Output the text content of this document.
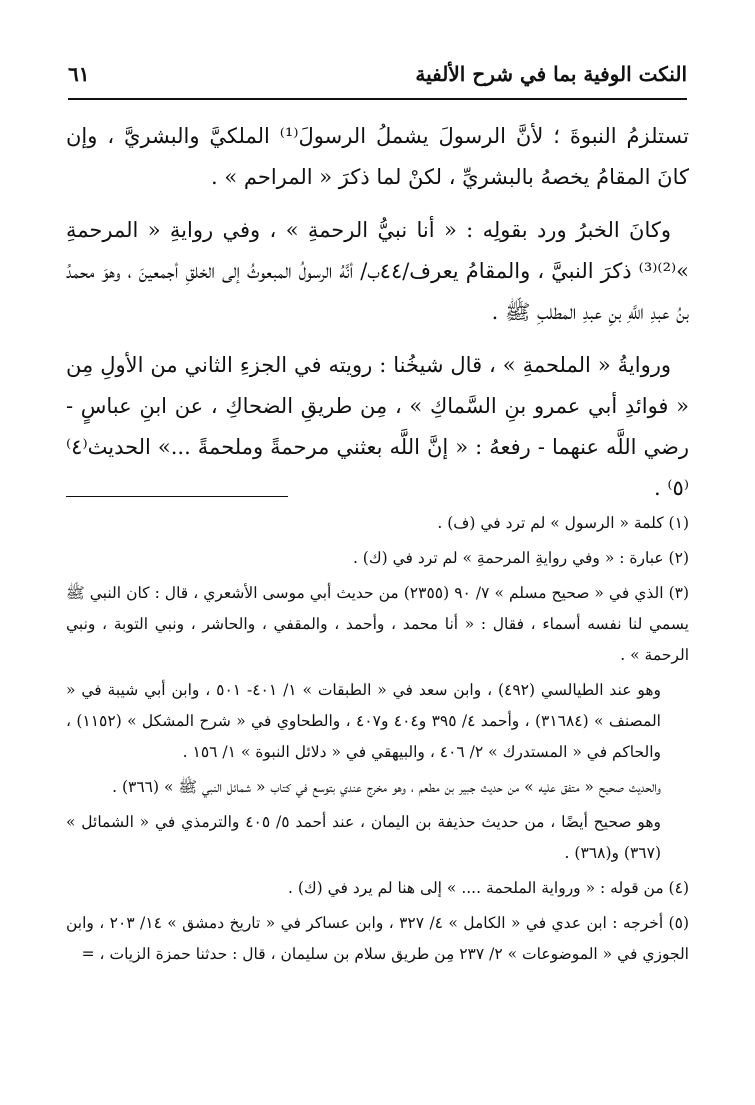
النكت الوفية بما في شرح الألفية
٦١

تستلزمُ النبوةَ ؛ لأنَّ الرسولَ يشملُ الرسولَ⁽¹⁾ الملكيَّ والبشريَّ ، وإن كانَ المقامُ يخصهُ بالبشريِّ ، لكنْ لما ذكرَ « المراحم » .

وكانَ الخبرُ ورد بقولِه : « أنا نبيُّ الرحمةِ » ، وفي روايةِ « المرحمةِ »⁽²⁾⁽³⁾ ذكرَ النبيَّ ، والمقامُ يعرف/٤٤ب/ أنَّهُ الرسولُ المبعوثُ إلى الخلقِ أجمعينَ ، وهوَ محمدُ بنُ عبدِ اللَّهِ بنِ عبدِ المطلبِ ﷺ .

وروايةُ « الملحمةِ » ، قال شيخُنا : رويته في الجزءِ الثاني من الأولِ مِن « فوائدِ أبي عمرو بنِ السَّماكِ » ، مِن طريقِ الضحاكِ ، عن ابنِ عباسٍ - رضي اللَّه عنهما - رفعهُ : « إنَّ اللَّه بعثني مرحمةً وملحمةً ...» الحديث⁽٤⁾⁽٥⁾ .

(١) كلمة « الرسول » لم ترد في (ف) .

(٢) عبارة : « وفي روايةِ المرحمةِ » لم ترد في (ك) .

(٣) الذي في « صحيح مسلم » ٧/ ٩٠ (٢٣٥٥) من حديث أبي موسى الأشعري ، قال : كان النبي ﷺ يسمي لنا نفسه أسماء ، فقال : « أنا محمد ، وأحمد ، والمقفي ، والحاشر ، ونبي التوبة ، ونبي الرحمة » .

وهو عند الطيالسي (٤٩٢) ، وابن سعد في « الطبقات » ١/ ٤٠١- ٥٠١ ، وابن أبي شيبة في « المصنف » (٣١٦٨٤) ، وأحمد ٤/ ٣٩٥ و٤٠٤ و٤٠٧ ، والطحاوي في « شرح المشكل » (١١٥٢) ، والحاكم في « المستدرك » ٢/ ٤٠٦ ، والبيهقي في « دلائل النبوة » ١/ ١٥٦ .

والحديث صحيح « متفق عليه » من حديث جبير بن مطعم ، وهو مخرج عندي بتوسع في كتاب « شمائل النبي ﷺ » (٣٦٦) .

وهو صحيح أيضًا ، من حديث حذيفة بن اليمان ، عند أحمد ٥/ ٤٠٥ والترمذي في « الشمائل » (٣٦٧) و(٣٦٨) .

(٤) من قوله : « ورواية الملحمة .... » إلى هنا لم يرد في (ك) .

(٥) أخرجه : ابن عدي في « الكامل » ٤/ ٣٢٧ ، وابن عساكر في « تاريخ دمشق » ١٤/ ٢٠٣ ، وابن الجوزي في « الموضوعات » ٢/ ٢٣٧ مِن طريق سلام بن سليمان ، قال : حدثنا حمزة الزيات ، =
